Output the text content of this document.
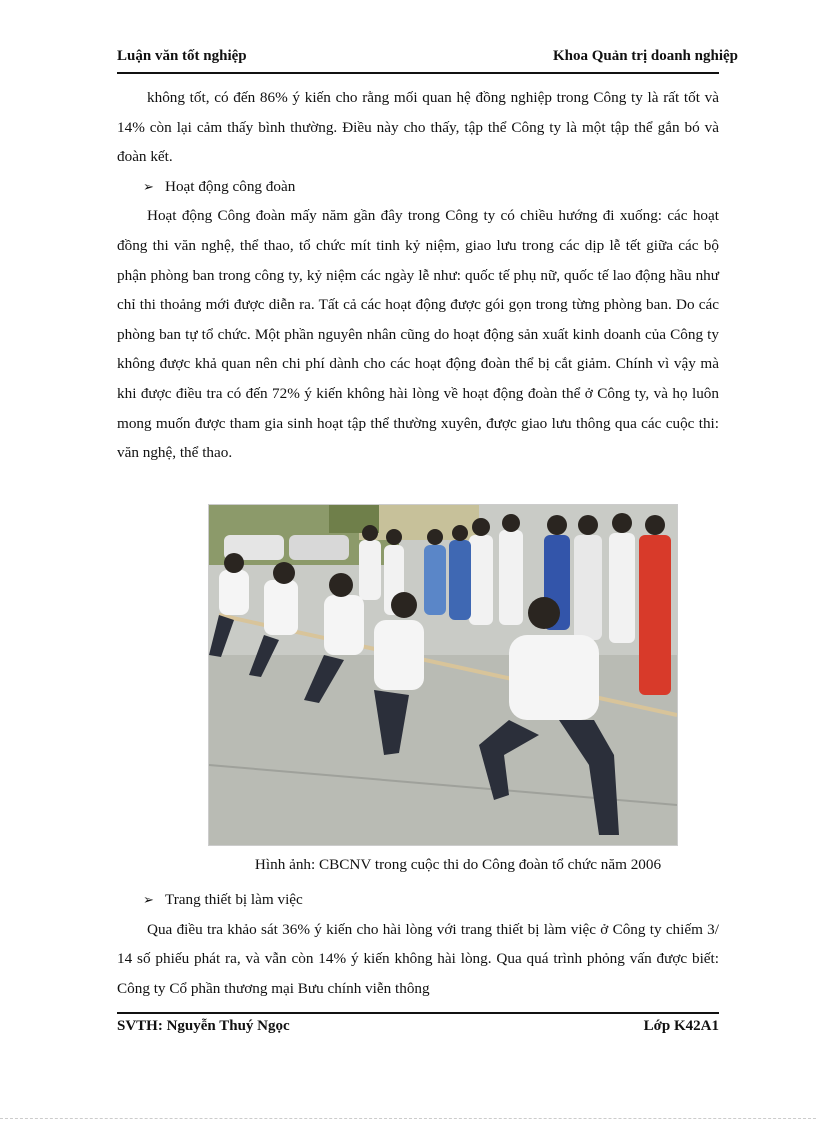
Luận văn tốt nghiệp	Khoa Quản trị doanh nghiệp

không tốt, có đến 86% ý kiến cho rằng mối quan hệ đồng nghiệp trong Công ty là rất tốt và 14% còn lại cảm thấy bình thường. Điều này cho thấy, tập thể Công ty là một tập thể gắn bó và đoàn kết.

➢ Hoạt động công đoàn

Hoạt động Công đoàn mấy năm gần đây trong Công ty có chiều hướng đi xuống: các hoạt đồng thi văn nghệ, thể thao, tổ chức mít tinh kỷ niệm, giao lưu trong các dịp lễ tết giữa các bộ phận phòng ban trong công ty, kỷ niệm các ngày lễ như: quốc tế phụ nữ, quốc tế lao động hầu như chỉ thi thoảng mới được diễn ra. Tất cả các hoạt động được gói gọn trong từng phòng ban. Do các phòng ban tự tổ chức. Một phần nguyên nhân cũng do hoạt động sản xuất kinh doanh của Công ty không được khả quan nên chi phí dành cho các hoạt động đoàn thể bị cắt giảm. Chính vì vậy mà khi được điều tra có đến 72% ý kiến không hài lòng về hoạt động đoàn thể ở Công ty, và họ luôn mong muốn được tham gia sinh hoạt tập thể thường xuyên, được giao lưu thông qua các cuộc thi: văn nghệ, thể thao.

Hình ảnh: CBCNV trong cuộc thi do Công đoàn tổ chức năm 2006

➢ Trang thiết bị làm việc

Qua điều tra khảo sát 36% ý kiến cho hài lòng với trang thiết bị làm việc ở Công ty chiếm 3/ 14 số phiếu phát ra, và vẫn còn 14% ý kiến không hài lòng. Qua quá trình phỏng vấn được biết: Công ty Cổ phần thương mại Bưu chính viễn thông

SVTH: Nguyễn Thuý Ngọc	Lớp K42A1
